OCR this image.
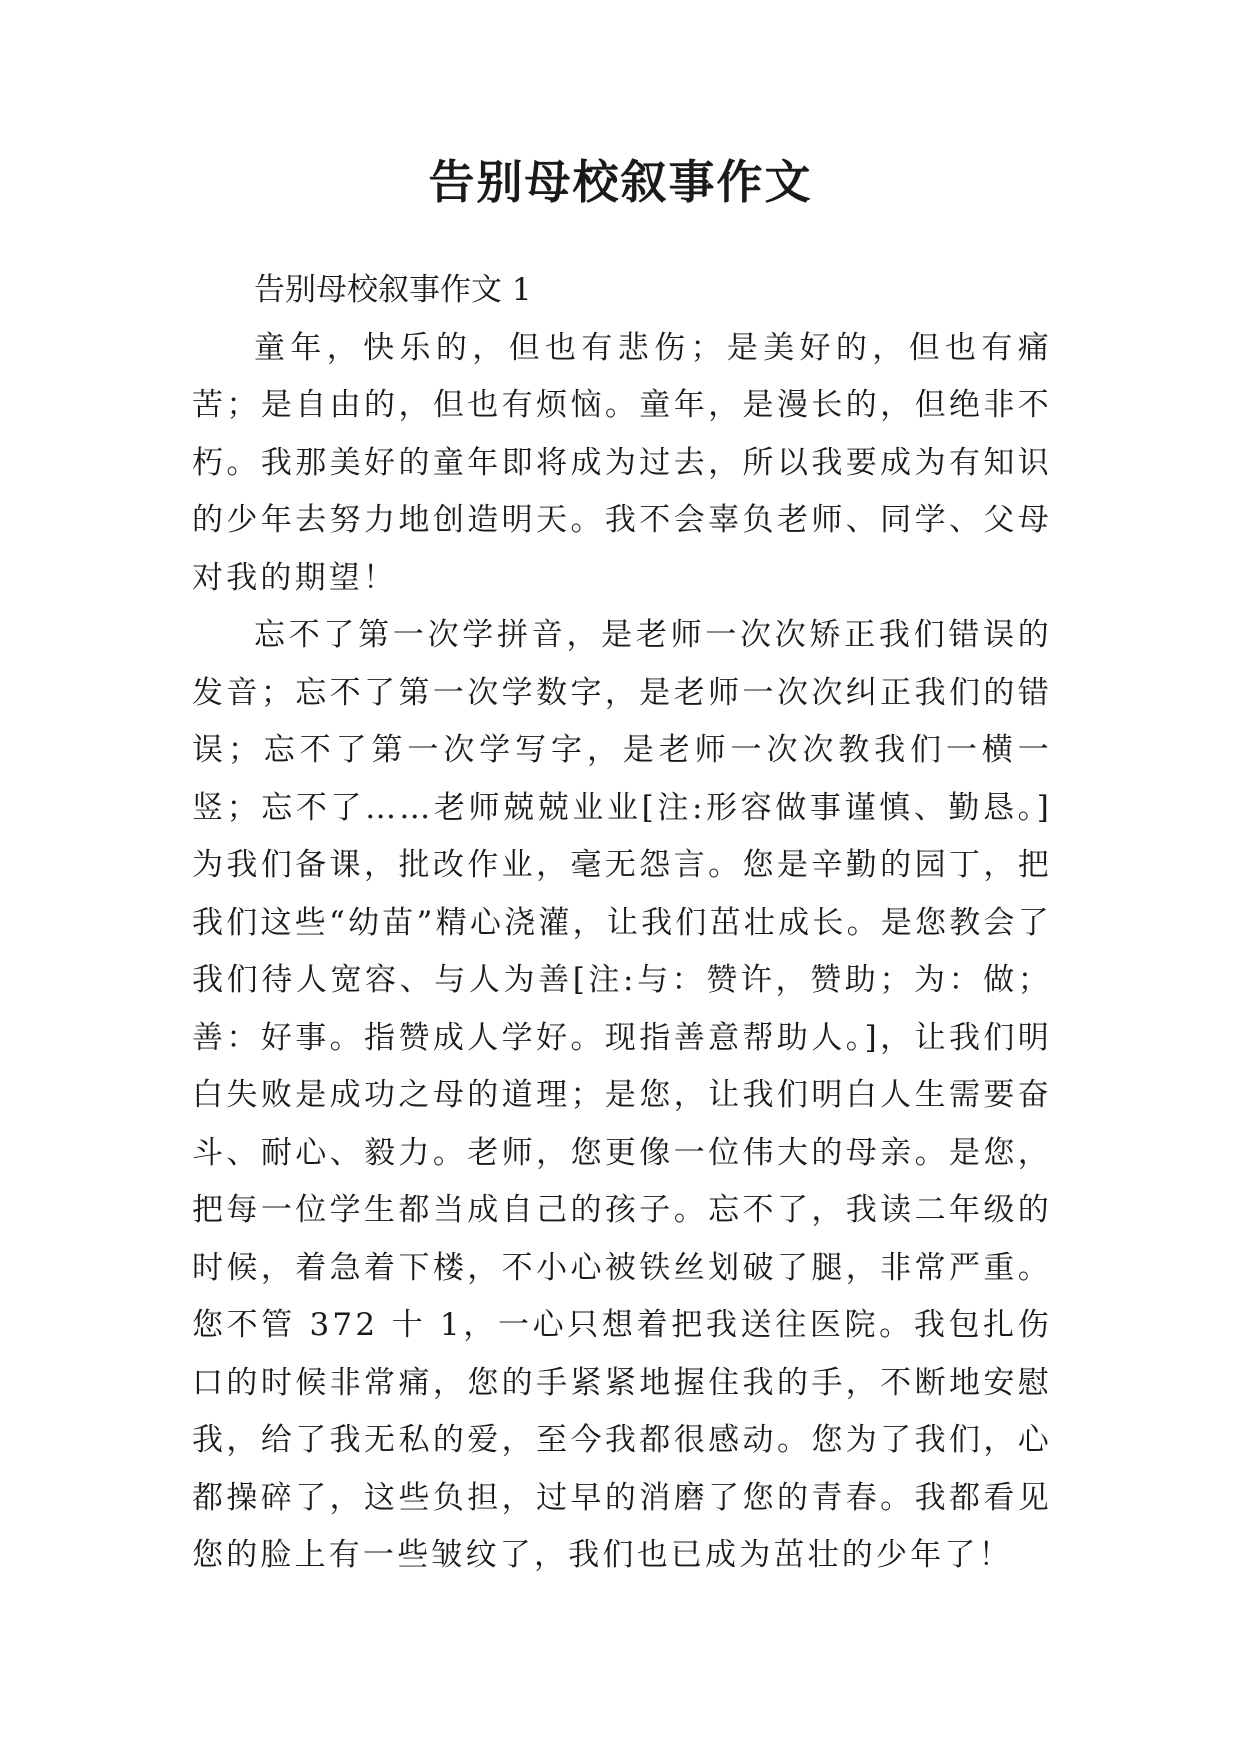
告别母校叙事作文
告别母校叙事作文 1

童年，快乐的，但也有悲伤；是美好的，但也有痛苦；是自由的，但也有烦恼。童年，是漫长的，但绝非不朽。我那美好的童年即将成为过去，所以我要成为有知识的少年去努力地创造明天。我不会辜负老师、同学、父母对我的期望！

忘不了第一次学拼音，是老师一次次矫正我们错误的发音；忘不了第一次学数字，是老师一次次纠正我们的错误；忘不了第一次学写字，是老师一次次教我们一横一竖；忘不了……老师兢兢业业[注:形容做事谨慎、勤恳。]为我们备课，批改作业，毫无怨言。您是辛勤的园丁，把我们这些“幼苗”精心浇灌，让我们茁壮成长。是您教会了我们待人宽容、与人为善[注:与：赞许，赞助；为：做；善：好事。指赞成人学好。现指善意帮助人。]，让我们明白失败是成功之母的道理；是您，让我们明白人生需要奋斗、耐心、毅力。老师，您更像一位伟大的母亲。是您，把每一位学生都当成自己的孩子。忘不了，我读二年级的时候，着急着下楼，不小心被铁丝划破了腿，非常严重。您不管 372 十 1，一心只想着把我送往医院。我包扎伤口的时候非常痛，您的手紧紧地握住我的手，不断地安慰我，给了我无私的爱，至今我都很感动。您为了我们，心都操碎了，这些负担，过早的消磨了您的青春。我都看见您的脸上有一些皱纹了，我们也已成为茁壮的少年了！
